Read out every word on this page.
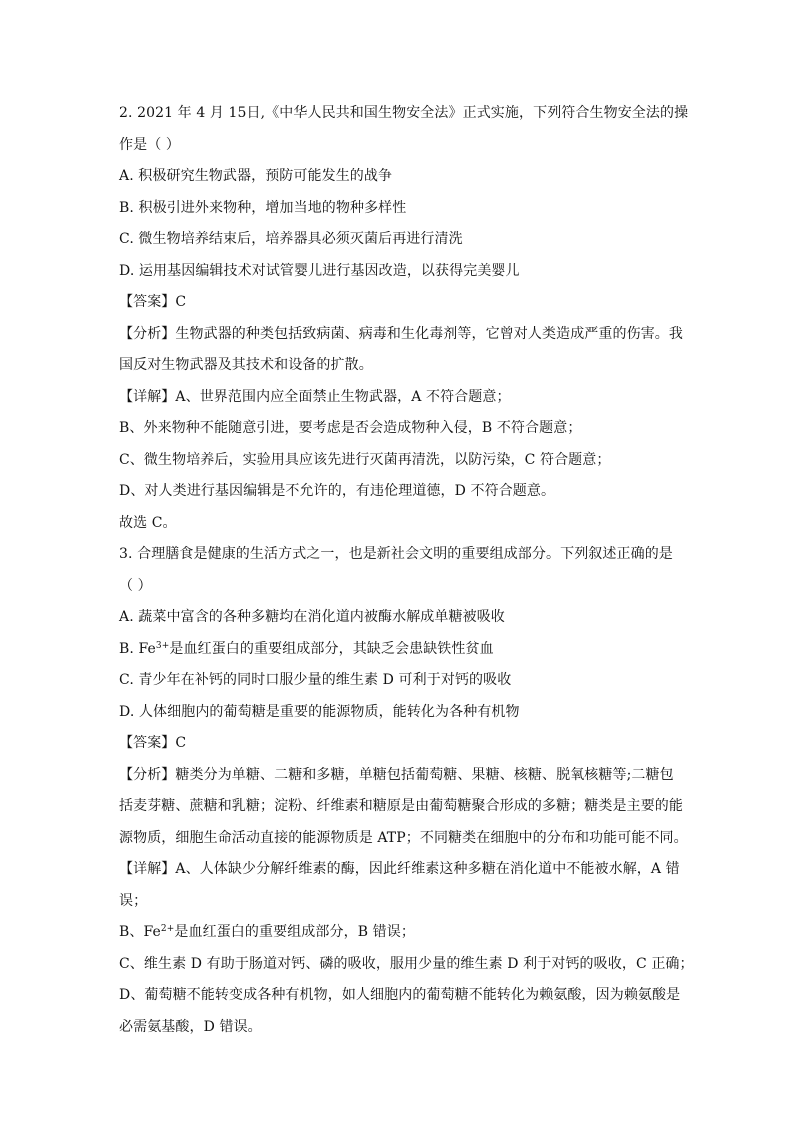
2. 2021 年 4 月 15日,《中华人民共和国生物安全法》正式实施，下列符合生物安全法的操
作是（ ）
A. 积极研究生物武器，预防可能发生的战争
B. 积极引进外来物种，增加当地的物种多样性
C. 微生物培养结束后，培养器具必须灭菌后再进行清洗
D. 运用基因编辑技术对试管婴儿进行基因改造，以获得完美婴儿
【答案】C
【分析】生物武器的种类包括致病菌、病毒和生化毒剂等，它曾对人类造成严重的伤害。我
国反对生物武器及其技术和设备的扩散。
【详解】A、世界范围内应全面禁止生物武器，A 不符合题意；
B、外来物种不能随意引进，要考虑是否会造成物种入侵，B 不符合题意；
C、微生物培养后，实验用具应该先进行灭菌再清洗，以防污染，C 符合题意；
D、对人类进行基因编辑是不允许的，有违伦理道德，D 不符合题意。
故选 C。
3. 合理膳食是健康的生活方式之一，也是新社会文明的重要组成部分。下列叙述正确的是
（ ）
A. 蔬菜中富含的各种多糖均在消化道内被酶水解成单糖被吸收
B. $Fe^{3+}$是血红蛋白的重要组成部分，其缺乏会患缺铁性贫血
C. 青少年在补钙的同时口服少量的维生素 D 可利于对钙的吸收
D. 人体细胞内的葡萄糖是重要的能源物质，能转化为各种有机物
【答案】C
【分析】糖类分为单糖、二糖和多糖，单糖包括葡萄糖、果糖、核糖、脱氧核糖等;二糖包
括麦芽糖、蔗糖和乳糖；淀粉、纤维素和糖原是由葡萄糖聚合形成的多糖；糖类是主要的能
源物质，细胞生命活动直接的能源物质是 ATP；不同糖类在细胞中的分布和功能可能不同。
【详解】A、人体缺少分解纤维素的酶，因此纤维素这种多糖在消化道中不能被水解，A 错
误；
B、$Fe^{2+}$是血红蛋白的重要组成部分，B 错误；
C、维生素 D 有助于肠道对钙、磷的吸收，服用少量的维生素 D 利于对钙的吸收，C 正确；
D、葡萄糖不能转变成各种有机物，如人细胞内的葡萄糖不能转化为赖氨酸，因为赖氨酸是
必需氨基酸，D 错误。
